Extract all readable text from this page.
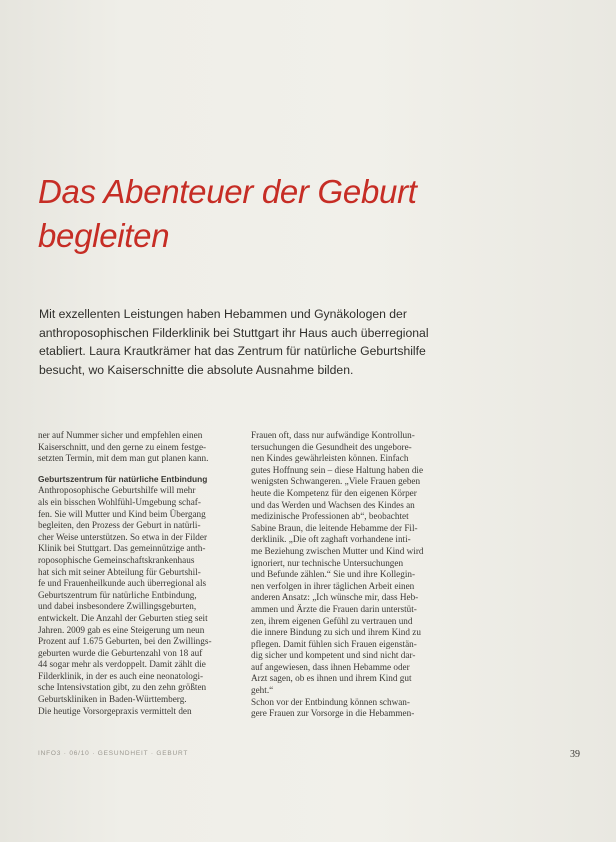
Das Abenteuer der Geburt
begleiten
Mit exzellenten Leistungen haben Hebammen und Gynäkologen der
anthroposophischen Filderklinik bei Stuttgart ihr Haus auch überregional
etabliert. Laura Krautkrämer hat das Zentrum für natürliche Geburtshilfe
besucht, wo Kaiserschnitte die absolute Ausnahme bilden.
ner auf Nummer sicher und empfehlen einen
Kaiserschnitt, und den gerne zu einem festge-
setzten Termin, mit dem man gut planen kann.
Geburtszentrum für natürliche Entbindung
Anthroposophische Geburtshilfe will mehr
als ein bisschen Wohlfühl-Umgebung schaf-
fen. Sie will Mutter und Kind beim Übergang
begleiten, den Prozess der Geburt in natürli-
cher Weise unterstützen. So etwa in der Filder
Klinik bei Stuttgart. Das gemeinnützige anth-
roposophische Gemeinschaftskrankenhaus
hat sich mit seiner Abteilung für Geburtshil-
fe und Frauenheilkunde auch überregional als
Geburtszentrum für natürliche Entbindung,
und dabei insbesondere Zwillingsgeburten,
entwickelt. Die Anzahl der Geburten stieg seit
Jahren. 2009 gab es eine Steigerung um neun
Prozent auf 1.675 Geburten, bei den Zwillings-
geburten wurde die Geburtenzahl von 18 auf
44 sogar mehr als verdoppelt. Damit zählt die
Filderklinik, in der es auch eine neonatologi-
sche Intensivstation gibt, zu den zehn größten
Geburtskliniken in Baden-Württemberg.
Die heutige Vorsorgepraxis vermittelt den
Frauen oft, dass nur aufwändige Kontrollun-
tersuchungen die Gesundheit des ungebore-
nen Kindes gewährleisten können. Einfach
gutes Hoffnung sein – diese Haltung haben die
wenigsten Schwangeren. „Viele Frauen geben
heute die Kompetenz für den eigenen Körper
und das Werden und Wachsen des Kindes an
medizinische Professionen ab“, beobachtet
Sabine Braun, die leitende Hebamme der Fil-
derklinik. „Die oft zaghaft vorhandene inti-
me Beziehung zwischen Mutter und Kind wird
ignoriert, nur technische Untersuchungen
und Befunde zählen.“ Sie und ihre Kollegin-
nen verfolgen in ihrer täglichen Arbeit einen
anderen Ansatz: „Ich wünsche mir, dass Heb-
ammen und Ärzte die Frauen darin unterstüt-
zen, ihrem eigenen Gefühl zu vertrauen und
die innere Bindung zu sich und ihrem Kind zu
pflegen. Damit fühlen sich Frauen eigenstän-
dig sicher und kompetent und sind nicht dar-
auf angewiesen, dass ihnen Hebamme oder
Arzt sagen, ob es ihnen und ihrem Kind gut
geht.“
Schon vor der Entbindung können schwan-
gere Frauen zur Vorsorge in die Hebammen-
INFO3 · 06/10 · GESUNDHEIT · GEBURT	39
